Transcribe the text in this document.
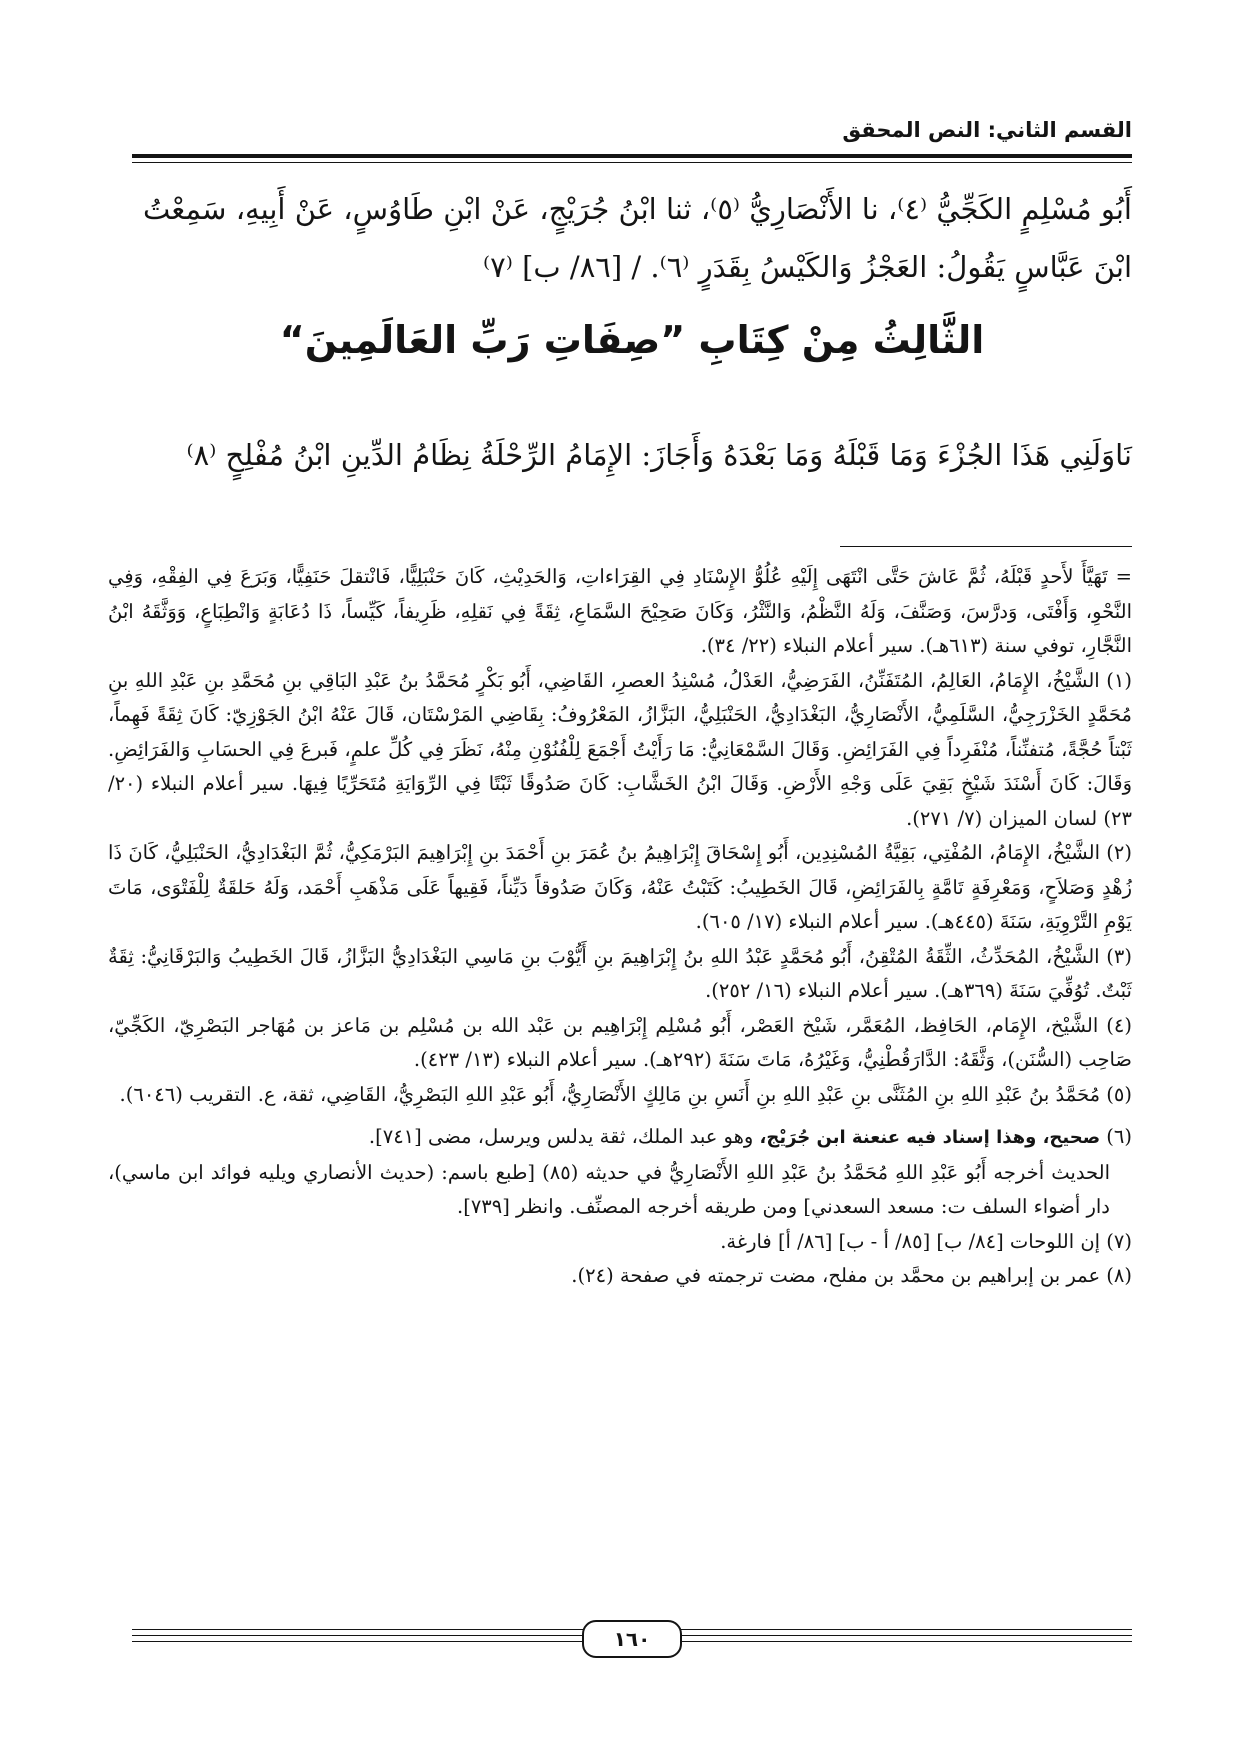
القسم الثاني: النص المحقق

أَبُو مُسْلِمٍ الكَجِّيُّ ⁽٤⁾، نا الأَنْصَارِيُّ ⁽٥⁾، ثنا ابْنُ جُرَيْجٍ، عَنْ ابْنِ طَاوُسٍ، عَنْ أَبِيهِ، سَمِعْتُ

ابْنَ عَبَّاسٍ يَقُولُ: العَجْزُ وَالكَيْسُ بِقَدَرٍ ⁽٦⁾. / [٨٦/ ب] ⁽٧⁾

الثَّالِثُ مِنْ كِتَابِ ”صِفَاتِ رَبِّ العَالَمِينَ“
نَاوَلَنِي هَذَا الجُزْءَ وَمَا قَبْلَهُ وَمَا بَعْدَهُ وَأَجَازَ: الإِمَامُ الرِّحْلَةُ نِظَامُ الدِّينِ ابْنُ مُفْلِحٍ ⁽٨⁾

= تَهَيَّأَ لأَحدٍ قَبْلَهُ، ثُمَّ عَاشَ حَتَّى انْتَهَى إِلَيْهِ عُلُوُّ الإِسْنَادِ فِي القِرَاءاتِ، وَالحَدِيْثِ، كَانَ حَنْبَلِيًّا، فَانْتقلَ حَنَفِيًّا، وَبَرَعَ فِي الفِقْهِ، وَفِي النَّحْوِ، وَأَفْتَى، وَدرَّسَ، وَصَنَّفَ، وَلَهُ النَّظْمُ، وَالنَّثْرُ، وَكَانَ صَحِيْحَ السَّمَاعِ، ثِقَةً فِي نَقلِهِ، ظَرِيفاً، كَيِّساً، ذَا دُعَابَةٍ وَانْطِبَاعٍ، وَوَثَّقَهُ ابْنُ النَّجَّارِ، توفي سنة (٦١٣هـ). سير أعلام النبلاء (٢٢/ ٣٤).

(١) الشَّيْخُ، الإِمَامُ، العَالِمُ، المُتَفَنِّنُ، الفَرَضِيُّ، العَدْلُ، مُسْنِدُ العصرِ، القَاضِي، أَبُو بَكْرٍ مُحَمَّدُ بنُ عَبْدِ البَاقِي بنِ مُحَمَّدِ بنِ عَبْدِ اللهِ بنِ مُحَمَّدٍ الخَزْرَجِيُّ، السَّلَمِيُّ، الأَنْصَارِيُّ، البَغْدَادِيُّ، الحَنْبَلِيُّ، البَزَّازُ، المَعْرُوفُ: بِقَاضِي المَرْسْتَان، قَالَ عَنْهُ ابْنُ الجَوْزِيّ: كَانَ ثِقَةً فَهِماً، ثَبْتاً حُجَّةً، مُتفنِّناً، مُنْفَرِداً فِي الفَرَائِضِ. وَقَالَ السَّمْعَانِيُّ: مَا رَأَيْتُ أَجْمَعَ لِلْفُنُوْنِ مِنْهُ، نَظَرَ فِي كُلِّ علمٍ، فَبرعَ فِي الحسَابِ وَالفَرَائِضِ. وَقَالَ: كَانَ أَسْنَدَ شَيْخٍ بَقِيَ عَلَى وَجْهِ الأَرْضِ. وَقَالَ ابْنُ الخَشَّابِ: كَانَ صَدُوقًا ثَبْتًا فِي الرِّوَايَةِ مُتَحَرِّيًا فِيهَا. سير أعلام النبلاء (٢٠/ ٢٣) لسان الميزان (٧/ ٢٧١).

(٢) الشَّيْخُ، الإِمَامُ، المُفْتِي، بَقِيَّةُ المُسْنِدِين، أَبُو إِسْحَاقَ إِبْرَاهِيمُ بنُ عُمَرَ بنِ أَحْمَدَ بنِ إِبْرَاهِيمَ البَرْمَكِيُّ، ثُمَّ البَغْدَادِيُّ، الحَنْبَلِيُّ، كَانَ ذَا زُهْدٍ وَصَلاَحٍ، وَمَعْرِفَةٍ تَامَّةٍ بِالفَرَائِضِ، قَالَ الخَطِيبُ: كَتَبْتُ عَنْهُ، وَكَانَ صَدُوقاً دَيِّناً، فَقِيهاً عَلَى مَذْهَبِ أَحْمَد، وَلَهُ حَلقَةٌ لِلْفَتْوَى، مَاتَ يَوْمِ التَّرْوِيَةِ، سَنَةَ (٤٤٥هـ). سير أعلام النبلاء (١٧/ ٦٠٥).

(٣) الشَّيْخُ، المُحَدِّثُ، الثِّقَةُ المُتْقِنُ، أَبُو مُحَمَّدٍ عَبْدُ اللهِ بنُ إِبْرَاهِيمَ بنِ أَيُّوْبَ بنِ مَاسِي البَغْدَادِيُّ البَزَّازُ، قَالَ الخَطِيبُ وَالبَرْقَانِيُّ: ثِقَةٌ ثَبْتٌ. تُوُفِّيَ سَنَةَ (٣٦٩هـ). سير أعلام النبلاء (١٦/ ٢٥٢).

(٤) الشَّيْخ، الإِمَام، الحَافِظ، المُعَمَّر، شَيْخ العَصْر، أَبُو مُسْلِم إِبْرَاهِيم بن عَبْد الله بن مُسْلِم بن مَاعز بن مُهَاجر البَصْرِيّ، الكَجِّيّ، صَاحِب (السُّنَن)، وَثَّقَهُ: الدَّارَقُطْنِيُّ، وَغَيْرُهُ، مَاتَ سَنَةَ (٢٩٢هـ). سير أعلام النبلاء (١٣/ ٤٢٣).

(٥) مُحَمَّدُ بنُ عَبْدِ اللهِ بنِ المُثَنَّى بنِ عَبْدِ اللهِ بنِ أَنَسِ بنِ مَالِكٍ الأَنْصَارِيُّ، أَبُو عَبْدِ اللهِ البَصْرِيُّ، القَاضِي، ثقة، ع. التقريب (٦٠٤٦).

(٦) صحيح، وهذا إسناد فيه عنعنة ابن جُرَيْج، وهو عبد الملك، ثقة يدلس ويرسل، مضى [٧٤١].

الحديث أخرجه أَبُو عَبْدِ اللهِ مُحَمَّدُ بنُ عَبْدِ اللهِ الأَنْصَارِيُّ في حديثه (٨٥) [طبع باسم: (حديث الأنصاري ويليه فوائد ابن ماسي)، دار أضواء السلف ت: مسعد السعدني] ومن طريقه أخرجه المصنِّف. وانظر [٧٣٩].

(٧) إن اللوحات [٨٤/ ب] [٨٥/ أ - ب] [٨٦/ أ] فارغة.

(٨) عمر بن إبراهيم بن محمَّد بن مفلح، مضت ترجمته في صفحة (٢٤).

١٦٠
